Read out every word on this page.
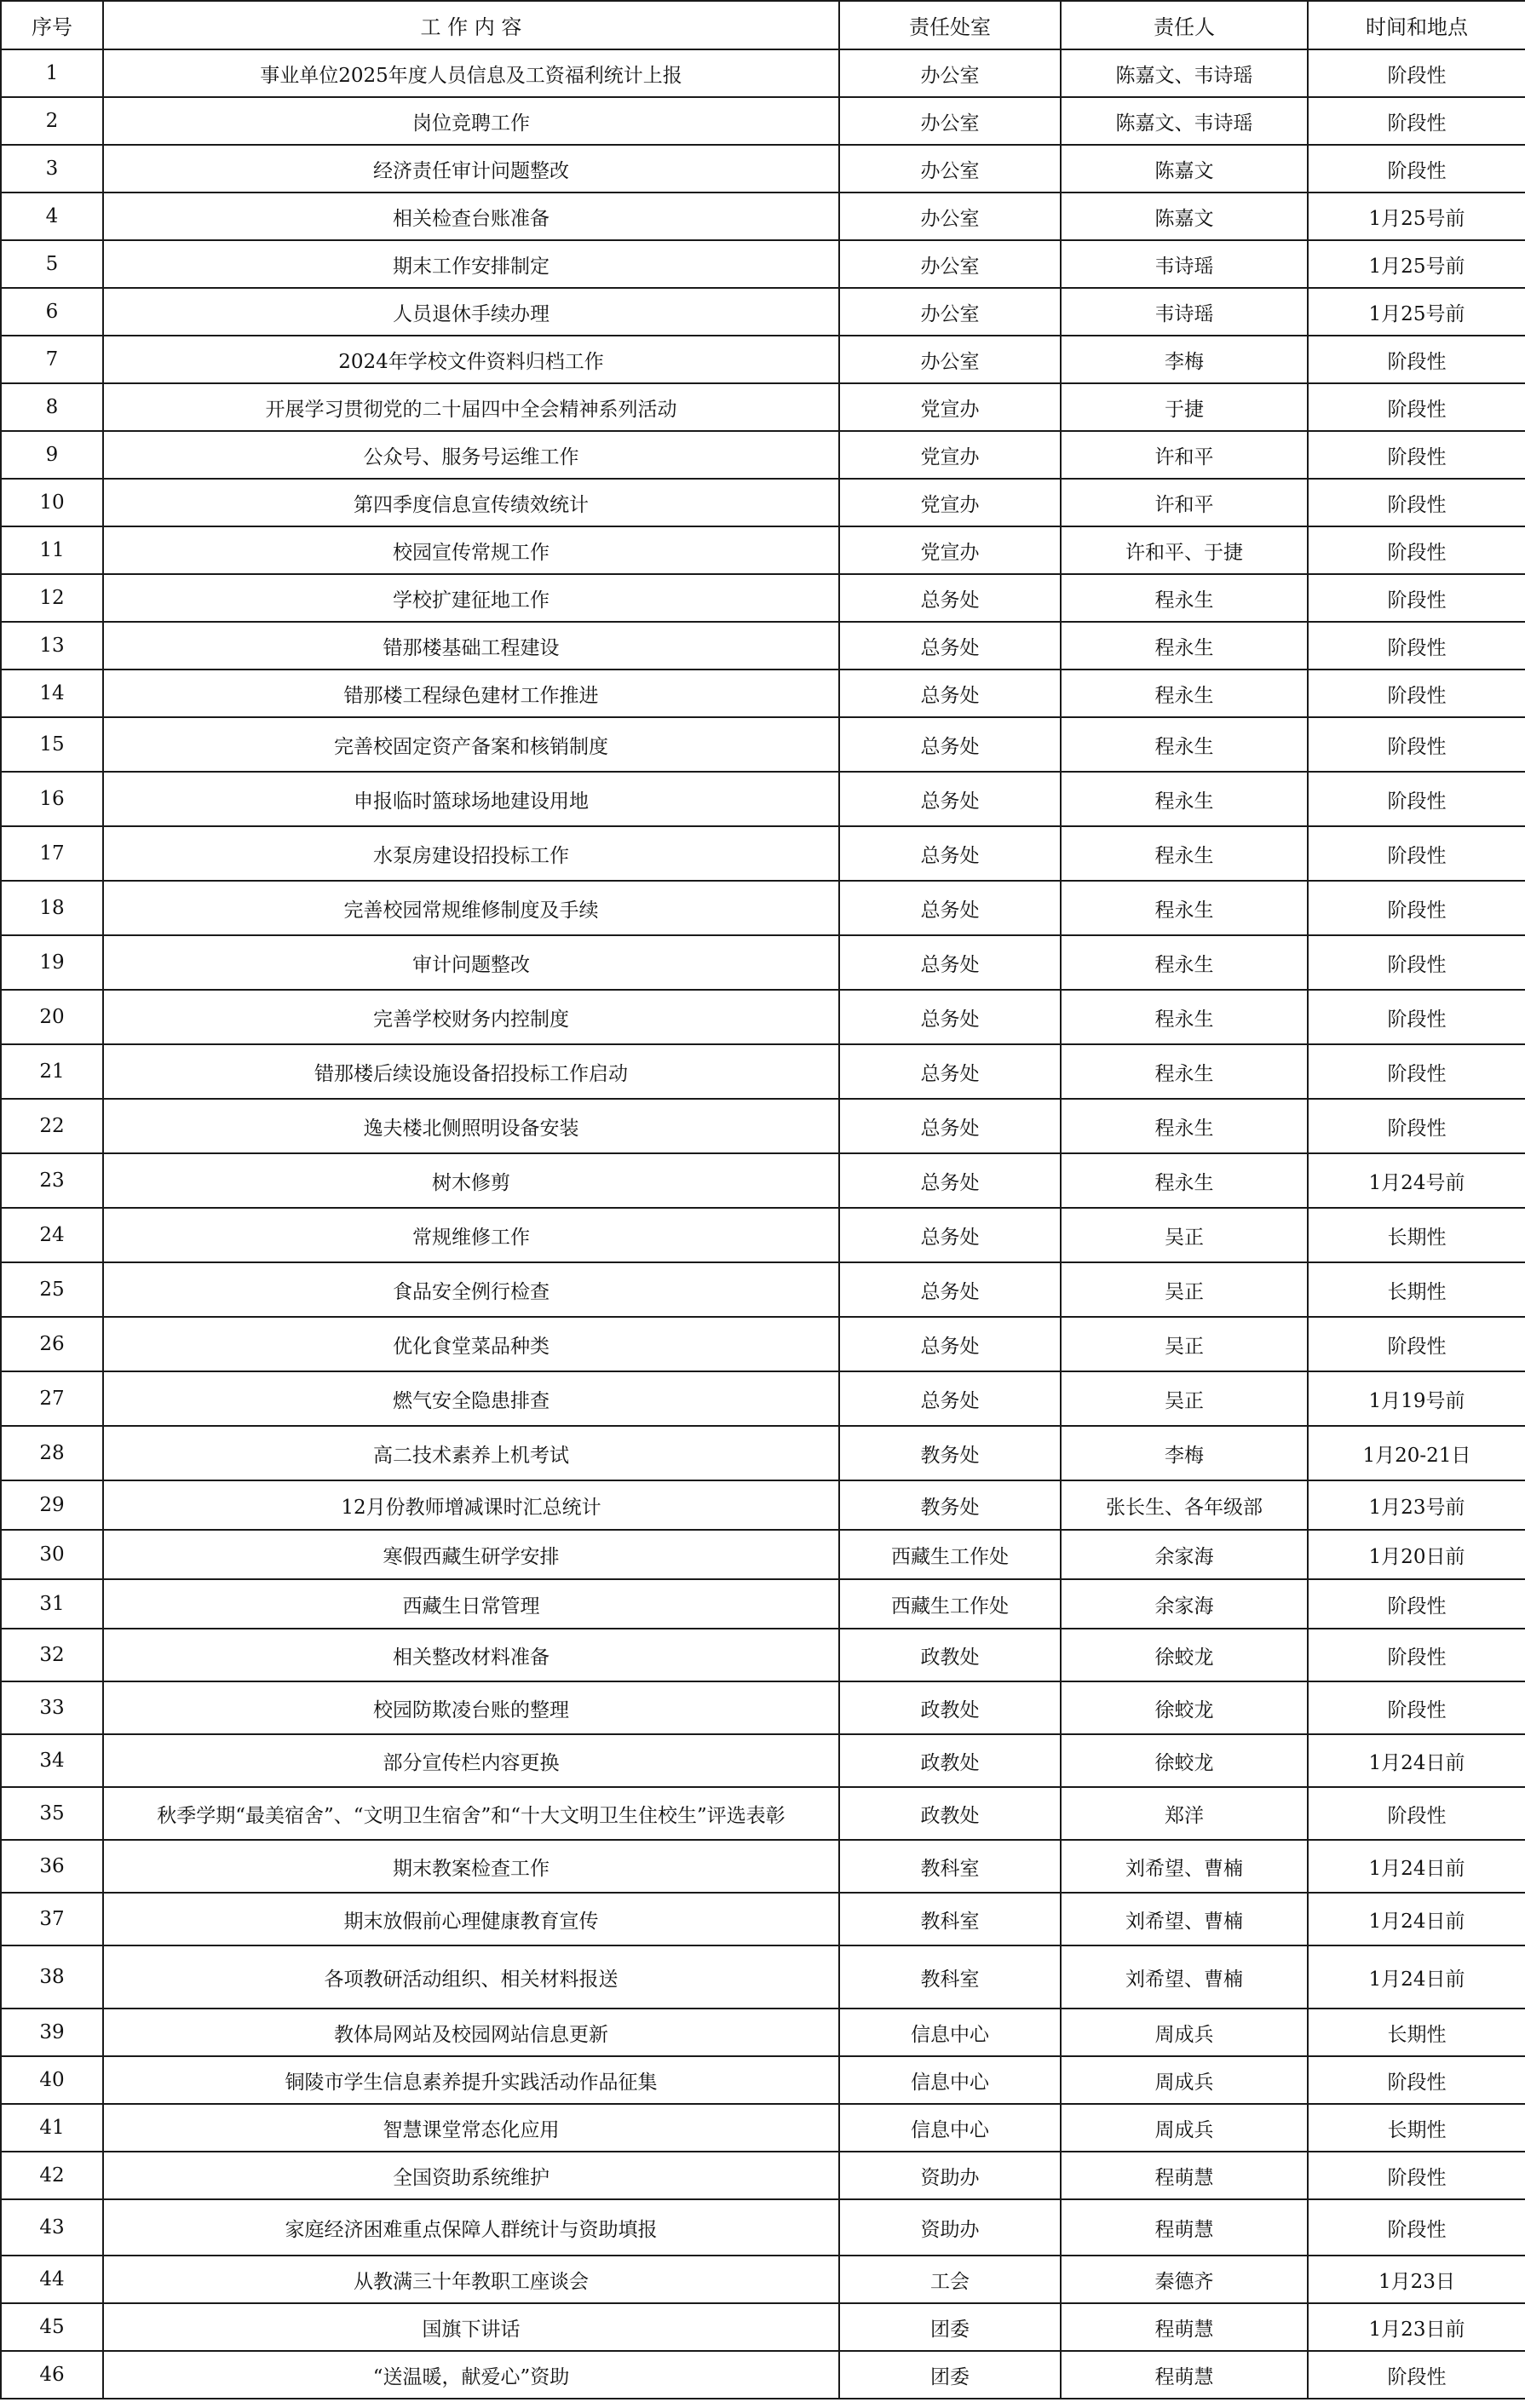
序号	工 作 内 容	责任处室	责任人	时间和地点
1	事业单位2025年度人员信息及工资福利统计上报	办公室	陈嘉文、韦诗瑶	阶段性
2	岗位竞聘工作	办公室	陈嘉文、韦诗瑶	阶段性
3	经济责任审计问题整改	办公室	陈嘉文	阶段性
4	相关检查台账准备	办公室	陈嘉文	1月25号前
5	期末工作安排制定	办公室	韦诗瑶	1月25号前
6	人员退休手续办理	办公室	韦诗瑶	1月25号前
7	2024年学校文件资料归档工作	办公室	李梅	阶段性
8	开展学习贯彻党的二十届四中全会精神系列活动	党宣办	于捷	阶段性
9	公众号、服务号运维工作	党宣办	许和平	阶段性
10	第四季度信息宣传绩效统计	党宣办	许和平	阶段性
11	校园宣传常规工作	党宣办	许和平、于捷	阶段性
12	学校扩建征地工作	总务处	程永生	阶段性
13	错那楼基础工程建设	总务处	程永生	阶段性
14	错那楼工程绿色建材工作推进	总务处	程永生	阶段性
15	完善校固定资产备案和核销制度	总务处	程永生	阶段性
16	申报临时篮球场地建设用地	总务处	程永生	阶段性
17	水泵房建设招投标工作	总务处	程永生	阶段性
18	完善校园常规维修制度及手续	总务处	程永生	阶段性
19	审计问题整改	总务处	程永生	阶段性
20	完善学校财务内控制度	总务处	程永生	阶段性
21	错那楼后续设施设备招投标工作启动	总务处	程永生	阶段性
22	逸夫楼北侧照明设备安装	总务处	程永生	阶段性
23	树木修剪	总务处	程永生	1月24号前
24	常规维修工作	总务处	吴正	长期性
25	食品安全例行检查	总务处	吴正	长期性
26	优化食堂菜品种类	总务处	吴正	阶段性
27	燃气安全隐患排查	总务处	吴正	1月19号前
28	高二技术素养上机考试	教务处	李梅	1月20-21日
29	12月份教师增减课时汇总统计	教务处	张长生、各年级部	1月23号前
30	寒假西藏生研学安排	西藏生工作处	余家海	1月20日前
31	西藏生日常管理	西藏生工作处	余家海	阶段性
32	相关整改材料准备	政教处	徐蛟龙	阶段性
33	校园防欺凌台账的整理	政教处	徐蛟龙	阶段性
34	部分宣传栏内容更换	政教处	徐蛟龙	1月24日前
35	秋季学期“最美宿舍”、“文明卫生宿舍”和“十大文明卫生住校生”评选表彰	政教处	郑洋	阶段性
36	期末教案检查工作	教科室	刘希望、曹楠	1月24日前
37	期末放假前心理健康教育宣传	教科室	刘希望、曹楠	1月24日前
38	各项教研活动组织、相关材料报送	教科室	刘希望、曹楠	1月24日前
39	教体局网站及校园网站信息更新	信息中心	周成兵	长期性
40	铜陵市学生信息素养提升实践活动作品征集	信息中心	周成兵	阶段性
41	智慧课堂常态化应用	信息中心	周成兵	长期性
42	全国资助系统维护	资助办	程萌慧	阶段性
43	家庭经济困难重点保障人群统计与资助填报	资助办	程萌慧	阶段性
44	从教满三十年教职工座谈会	工会	秦德齐	1月23日
45	国旗下讲话	团委	程萌慧	1月23日前
46	“送温暖，献爱心”资助	团委	程萌慧	阶段性
